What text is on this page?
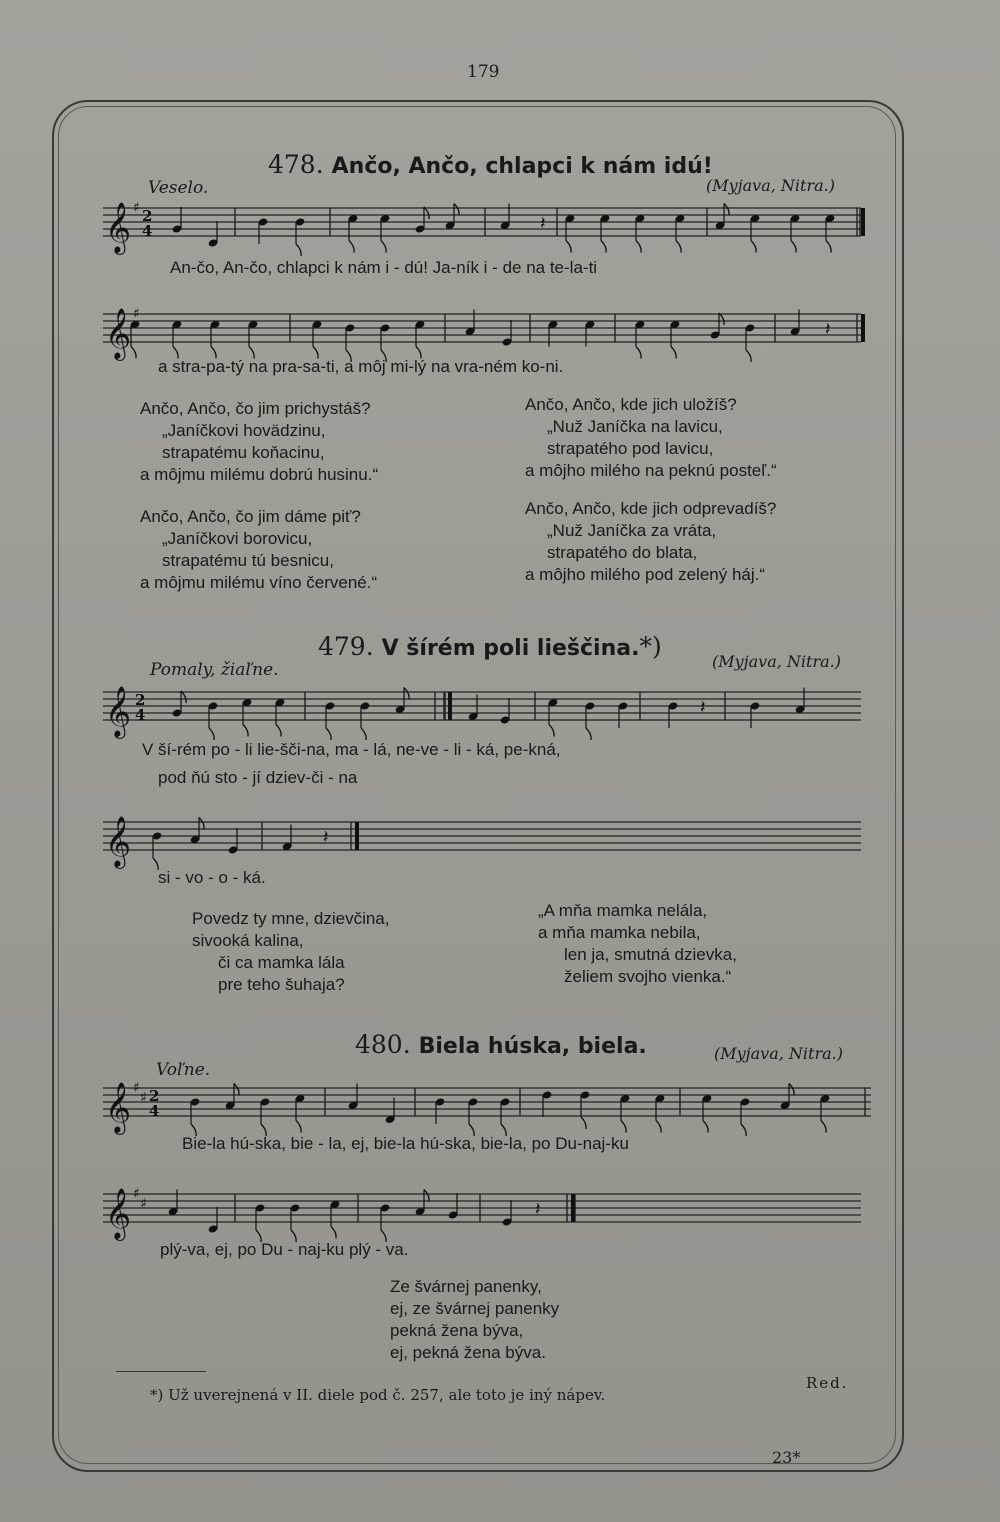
179
478. Ančo, Ančo, chlapci k nám idú!
Veselo.	(Myjava, Nitra.)
𝄞 ♯ 2
4	𝄽
An-čo, An-čo, chlapci k nám i - dú! Ja-ník i - de na te-la-ti
𝄞 ♯
𝄽
a stra-pa-tý na pra-sa-ti, a môj mi-lý na vra-ném ko-ni.
Ančo, Ančo, čo jim prichystáš?
„Janíčkovi hovädzinu,
strapatému koňacinu,
a môjmu milému dobrú husinu.“
Ančo, Ančo, čo jim dáme piť?
„Janíčkovi borovicu,
strapatému tú besnicu,
a môjmu milému víno červené.“
Ančo, Ančo, kde jich uložíš?
„Nuž Janíčka na lavicu,
strapatého pod lavicu,
a môjho milého na peknú posteľ.“
Ančo, Ančo, kde jich odprevadíš?
„Nuž Janíčka za vráta,
strapatého do blata,
a môjho milého pod zelený háj.“
479. V šírém poli lieščina.*)
Pomaly, žiaľne.	(Myjava, Nitra.)
𝄞 2
4	𝄽
V ší-rém po - li lie-šči-na, ma - lá, ne-ve - li - ká, pe-kná,
pod ňú sto - jí dziev-či - na
𝄞	𝄽
si - vo - o - ká.
Povedz ty mne, dzievčina,
sivooká kalina,
či ca mamka lála
pre teho šuhaja?
„A mňa mamka nelála,
a mňa mamka nebila,
len ja, smutná dzievka,
želiem svojho vienka.“
480. Biela húska, biela.
Voľne.
(Myjava, Nitra.)
𝄞 ♯
♯ 2
4
Bie-la hú-ska, bie - la, ej, bie-la hú-ska, bie-la, po Du-naj-ku
𝄞 ♯
♯	𝄽
plý-va, ej, po Du - naj-ku plý - va.
Ze švárnej panenky,
ej, ze švárnej panenky
pekná žena býva,
ej, pekná žena býva.
*) Už uverejnená v II. diele pod č. 257, ale toto je iný nápev.
Red.
23*
